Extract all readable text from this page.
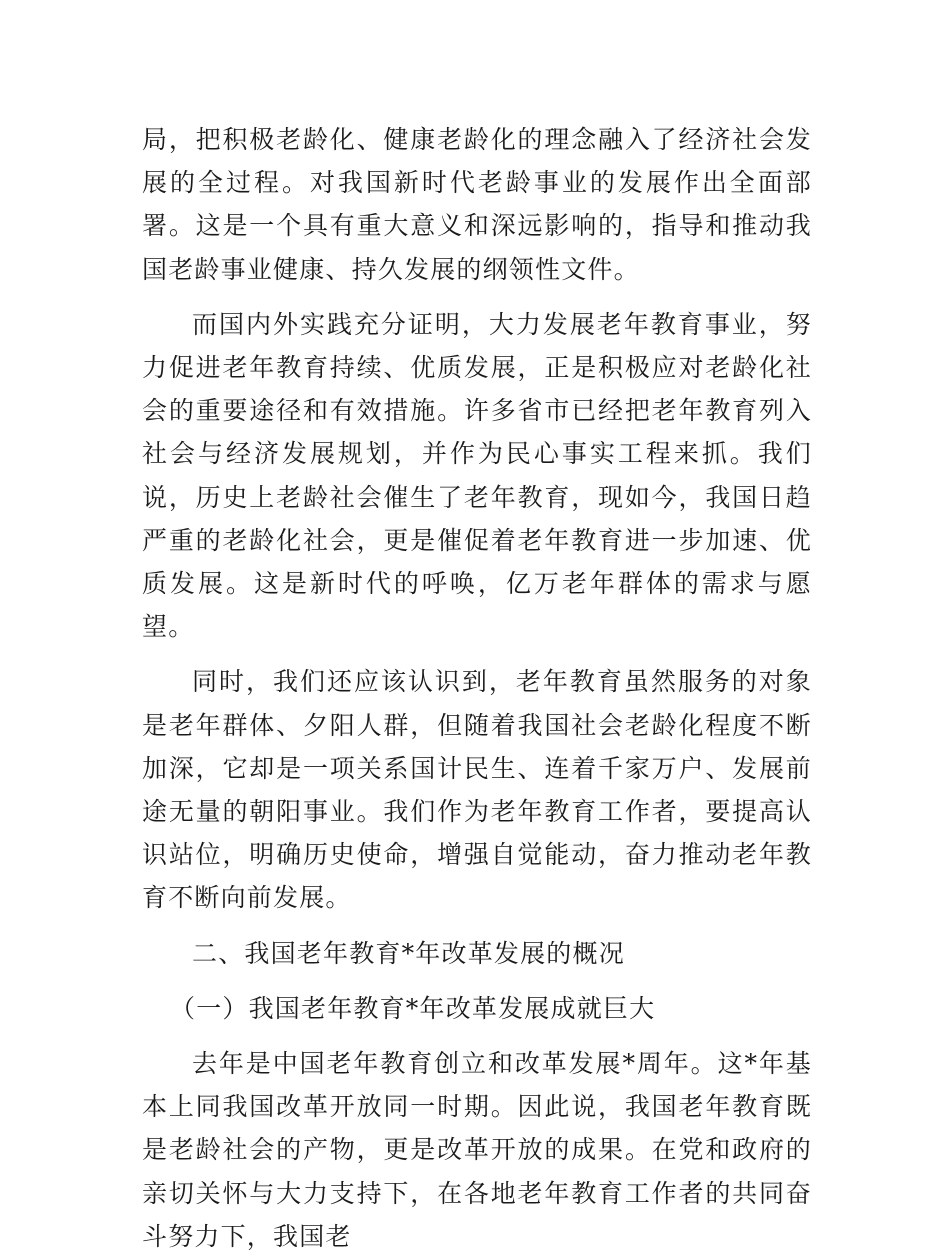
局，把积极老龄化、健康老龄化的理念融入了经济社会发展的全过程。对我国新时代老龄事业的发展作出全面部署。这是一个具有重大意义和深远影响的，指导和推动我国老龄事业健康、持久发展的纲领性文件。

而国内外实践充分证明，大力发展老年教育事业，努力促进老年教育持续、优质发展，正是积极应对老龄化社会的重要途径和有效措施。许多省市已经把老年教育列入社会与经济发展规划，并作为民心事实工程来抓。我们说，历史上老龄社会催生了老年教育，现如今，我国日趋严重的老龄化社会，更是催促着老年教育进一步加速、优质发展。这是新时代的呼唤，亿万老年群体的需求与愿望。

同时，我们还应该认识到，老年教育虽然服务的对象是老年群体、夕阳人群，但随着我国社会老龄化程度不断加深，它却是一项关系国计民生、连着千家万户、发展前途无量的朝阳事业。我们作为老年教育工作者，要提高认识站位，明确历史使命，增强自觉能动，奋力推动老年教育不断向前发展。

二、我国老年教育*年改革发展的概况

（一）我国老年教育*年改革发展成就巨大

去年是中国老年教育创立和改革发展*周年。这*年基本上同我国改革开放同一时期。因此说，我国老年教育既是老龄社会的产物，更是改革开放的成果。在党和政府的亲切关怀与大力支持下，在各地老年教育工作者的共同奋斗努力下，我国老
